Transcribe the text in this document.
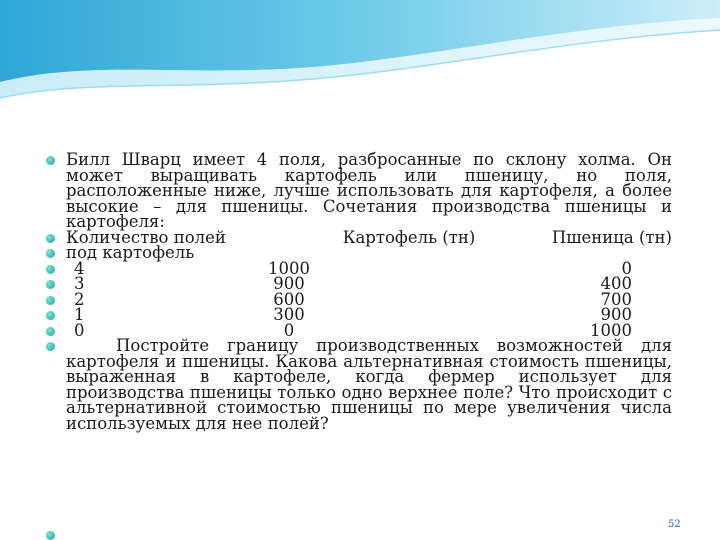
Билл Шварц имеет 4 поля, разбросанные по склону холма. Он может выращивать картофель или пшеницу, но поля, расположенные ниже, лучше использовать для картофеля, а более высокие – для пшеницы. Сочетания производства пшеницы и картофеля:
Количество полей	Картофель (тн)	Пшеница (тн)
под картофель
4	1000	0
3	900	400
2	600	700
1	300	900
0	0	1000
Постройте границу производственных возможностей для картофеля и пшеницы. Какова альтернативная стоимость пшеницы, выраженная в картофеле, когда фермер использует для производства пшеницы только одно верхнее поле? Что происходит с альтернативной стоимостью пшеницы по мере увеличения числа используемых для нее полей?
52
